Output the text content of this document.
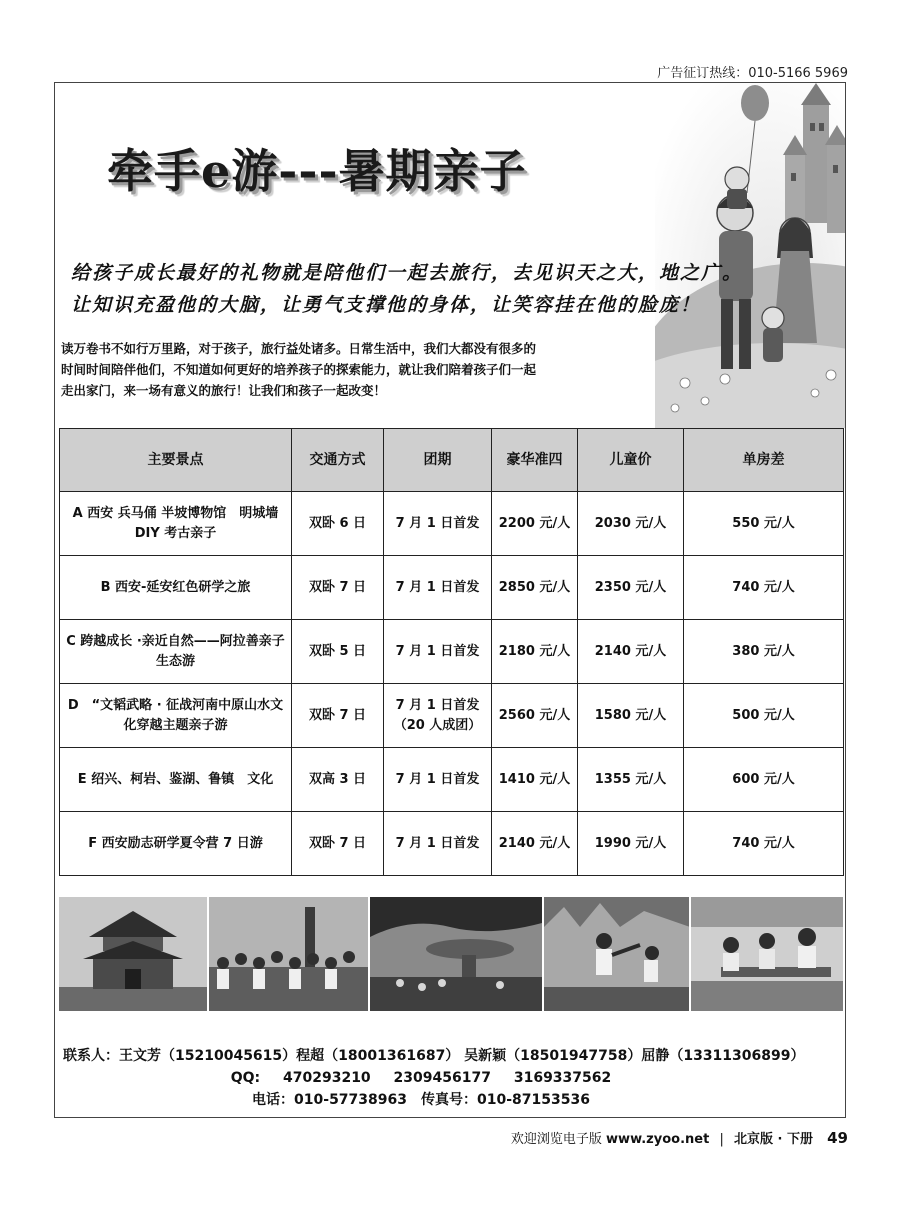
广告征订热线：010-5166 5969
牵手e游---暑期亲子
给孩子成长最好的礼物就是陪他们一起去旅行，去见识天之大，地之广。
让知识充盈他的大脑，让勇气支撑他的身体，让笑容挂在他的脸庞！
读万卷书不如行万里路，对于孩子，旅行益处诸多。日常生活中，我们大都没有很多的时间时间陪伴他们，不知道如何更好的培养孩子的探索能力，就让我们陪着孩子们一起走出家门，来一场有意义的旅行！让我们和孩子一起改变！
主要景点	交通方式	团期	豪华准四	儿童价	单房差
A 西安 兵马俑 半坡博物馆　明城墙　DIY 考古亲子	双卧 6 日	7 月 1 日首发	2200 元/人	2030 元/人	550 元/人
B 西安-延安红色研学之旅	双卧 7 日	7 月 1 日首发	2850 元/人	2350 元/人	740 元/人
C 跨越成长 ·亲近自然——阿拉善亲子生态游	双卧 5 日	7 月 1 日首发	2180 元/人	2140 元/人	380 元/人
D　“文韬武略 · 征战河南中原山水文化穿越主题亲子游	双卧 7 日	7 月 1 日首发（20 人成团）	2560 元/人	1580 元/人	500 元/人
E 绍兴、柯岩、鉴湖、鲁镇　文化	双高 3 日	7 月 1 日首发	1410 元/人	1355 元/人	600 元/人
F 西安励志研学夏令营 7 日游	双卧 7 日	7 月 1 日首发	2140 元/人	1990 元/人	740 元/人
联系人：王文芳（15210045615）程超（18001361687） 吴新颖（18501947758）屈静（13311306899）
QQ: 470293210 2309456177 3169337562
电话：010-57738963　传真号：010-87153536
欢迎浏览电子版 www.zyoo.net | 北京版 · 下册 49
